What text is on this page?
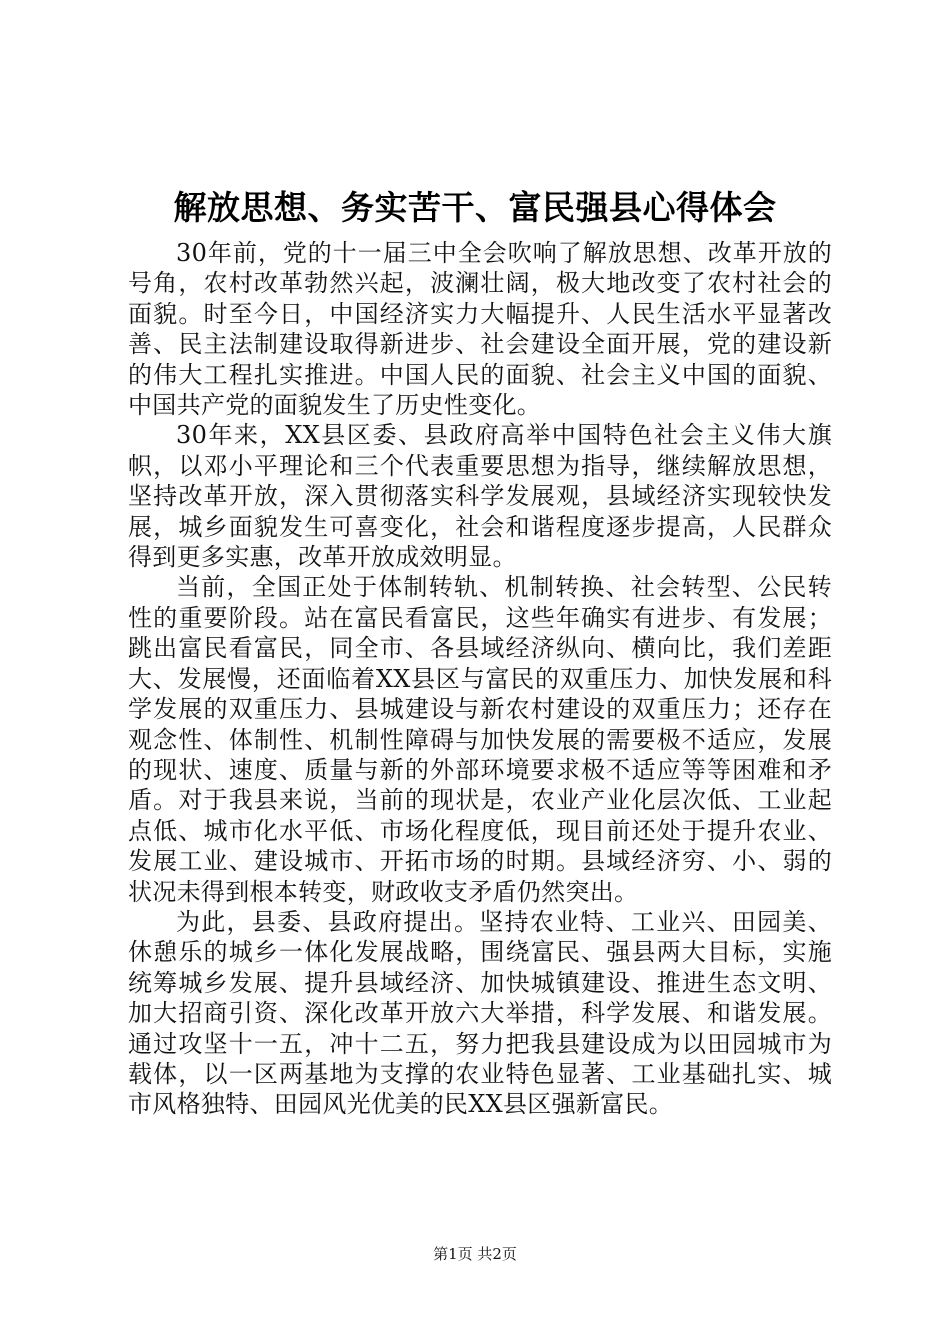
解放思想、务实苦干、富民强县心得体会

30年前，党的十一届三中全会吹响了解放思想、改革开放的号角，农村改革勃然兴起，波澜壮阔，极大地改变了农村社会的面貌。时至今日，中国经济实力大幅提升、人民生活水平显著改善、民主法制建设取得新进步、社会建设全面开展，党的建设新的伟大工程扎实推进。中国人民的面貌、社会主义中国的面貌、中国共产党的面貌发生了历史性变化。

30年来，XX县区委、县政府高举中国特色社会主义伟大旗帜，以邓小平理论和三个代表重要思想为指导，继续解放思想，坚持改革开放，深入贯彻落实科学发展观，县域经济实现较快发展，城乡面貌发生可喜变化，社会和谐程度逐步提高，人民群众得到更多实惠，改革开放成效明显。

当前，全国正处于体制转轨、机制转换、社会转型、公民转性的重要阶段。站在富民看富民，这些年确实有进步、有发展；跳出富民看富民，同全市、各县域经济纵向、横向比，我们差距大、发展慢，还面临着XX县区与富民的双重压力、加快发展和科学发展的双重压力、县城建设与新农村建设的双重压力；还存在观念性、体制性、机制性障碍与加快发展的需要极不适应，发展的现状、速度、质量与新的外部环境要求极不适应等等困难和矛盾。对于我县来说，当前的现状是，农业产业化层次低、工业起点低、城市化水平低、市场化程度低，现目前还处于提升农业、发展工业、建设城市、开拓市场的时期。县域经济穷、小、弱的状况未得到根本转变，财政收支矛盾仍然突出。

为此，县委、县政府提出。坚持农业特、工业兴、田园美、休憩乐的城乡一体化发展战略，围绕富民、强县两大目标，实施统筹城乡发展、提升县域经济、加快城镇建设、推进生态文明、加大招商引资、深化改革开放六大举措，科学发展、和谐发展。通过攻坚十一五，冲十二五，努力把我县建设成为以田园城市为载体，以一区两基地为支撑的农业特色显著、工业基础扎实、城市风格独特、田园风光优美的民XX县区强新富民。

第1页 共2页
